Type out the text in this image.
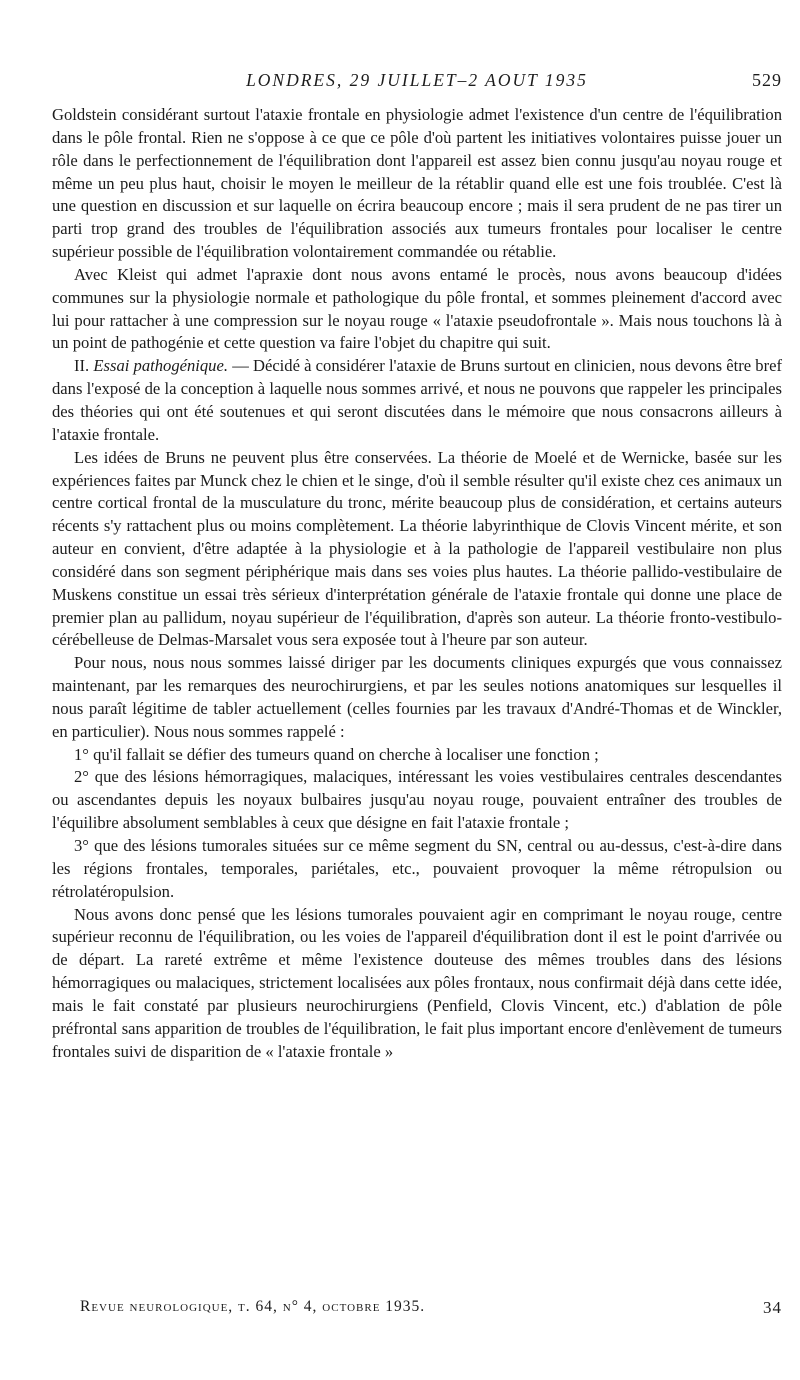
LONDRES, 29 JUILLET–2 AOUT 1935	529

Goldstein considérant surtout l'ataxie frontale en physiologie admet l'existence d'un centre de l'équilibration dans le pôle frontal. Rien ne s'oppose à ce que ce pôle d'où partent les initiatives volontaires puisse jouer un rôle dans le perfectionnement de l'équilibration dont l'appareil est assez bien connu jusqu'au noyau rouge et même un peu plus haut, choisir le moyen le meilleur de la rétablir quand elle est une fois troublée. C'est là une question en discussion et sur laquelle on écrira beaucoup encore ; mais il sera prudent de ne pas tirer un parti trop grand des troubles de l'équilibration associés aux tumeurs frontales pour localiser le centre supérieur possible de l'équilibration volontairement commandée ou rétablie.

Avec Kleist qui admet l'apraxie dont nous avons entamé le procès, nous avons beaucoup d'idées communes sur la physiologie normale et pathologique du pôle frontal, et sommes pleinement d'accord avec lui pour rattacher à une compression sur le noyau rouge « l'ataxie pseudofrontale ». Mais nous touchons là à un point de pathogénie et cette question va faire l'objet du chapitre qui suit.

II. Essai pathogénique. — Décidé à considérer l'ataxie de Bruns surtout en clinicien, nous devons être bref dans l'exposé de la conception à laquelle nous sommes arrivé, et nous ne pouvons que rappeler les principales des théories qui ont été soutenues et qui seront discutées dans le mémoire que nous consacrons ailleurs à l'ataxie frontale.

Les idées de Bruns ne peuvent plus être conservées. La théorie de Moelé et de Wernicke, basée sur les expériences faites par Munck chez le chien et le singe, d'où il semble résulter qu'il existe chez ces animaux un centre cortical frontal de la musculature du tronc, mérite beaucoup plus de considération, et certains auteurs récents s'y rattachent plus ou moins complètement. La théorie labyrinthique de Clovis Vincent mérite, et son auteur en convient, d'être adaptée à la physiologie et à la pathologie de l'appareil vestibulaire non plus considéré dans son segment périphérique mais dans ses voies plus hautes. La théorie pallido-vestibulaire de Muskens constitue un essai très sérieux d'interprétation générale de l'ataxie frontale qui donne une place de premier plan au pallidum, noyau supérieur de l'équilibration, d'après son auteur. La théorie fronto-vestibulo-cérébelleuse de Delmas-Marsalet vous sera exposée tout à l'heure par son auteur.

Pour nous, nous nous sommes laissé diriger par les documents cliniques expurgés que vous connaissez maintenant, par les remarques des neurochirurgiens, et par les seules notions anatomiques sur lesquelles il nous paraît légitime de tabler actuellement (celles fournies par les travaux d'André-Thomas et de Winckler, en particulier). Nous nous sommes rappelé :

1° qu'il fallait se défier des tumeurs quand on cherche à localiser une fonction ;

2° que des lésions hémorragiques, malaciques, intéressant les voies vestibulaires centrales descendantes ou ascendantes depuis les noyaux bulbaires jusqu'au noyau rouge, pouvaient entraîner des troubles de l'équilibre absolument semblables à ceux que désigne en fait l'ataxie frontale ;

3° que des lésions tumorales situées sur ce même segment du SN, central ou au-dessus, c'est-à-dire dans les régions frontales, temporales, pariétales, etc., pouvaient provoquer la même rétropulsion ou rétrolatéropulsion.

Nous avons donc pensé que les lésions tumorales pouvaient agir en comprimant le noyau rouge, centre supérieur reconnu de l'équilibration, ou les voies de l'appareil d'équilibration dont il est le point d'arrivée ou de départ. La rareté extrême et même l'existence douteuse des mêmes troubles dans des lésions hémorragiques ou malaciques, strictement localisées aux pôles frontaux, nous confirmait déjà dans cette idée, mais le fait constaté par plusieurs neurochirurgiens (Penfield, Clovis Vincent, etc.) d'ablation de pôle préfrontal sans apparition de troubles de l'équilibration, le fait plus important encore d'enlèvement de tumeurs frontales suivi de disparition de « l'ataxie frontale »

Revue neurologique, t. 64, n° 4, octobre 1935.	34
